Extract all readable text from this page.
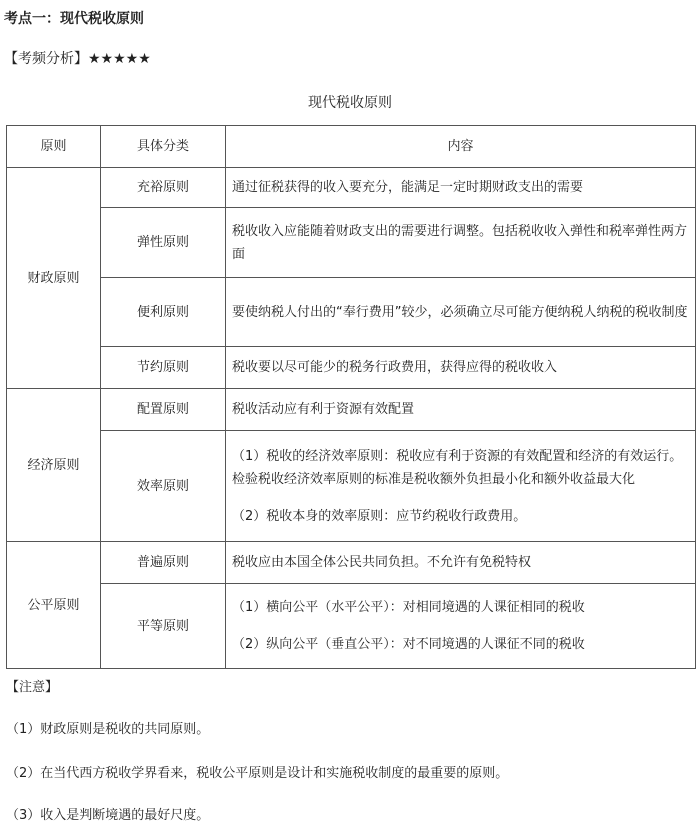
考点一：现代税收原则
【考频分析】★★★★★
现代税收原则
原则	具体分类	内容
财政原则	充裕原则	通过征税获得的收入要充分，能满足一定时期财政支出的需要
	弹性原则	税收收入应能随着财政支出的需要进行调整。包括税收收入弹性和税率弹性两方面
	便利原则	要使纳税人付出的“奉行费用”较少，必须确立尽可能方便纳税人纳税的税收制度
	节约原则	税收要以尽可能少的税务行政费用，获得应得的税收收入
经济原则	配置原则	税收活动应有利于资源有效配置
	效率原则	（1）税收的经济效率原则：税收应有利于资源的有效配置和经济的有效运行。检验税收经济效率原则的标准是税收额外负担最小化和额外收益最大化
（2）税收本身的效率原则：应节约税收行政费用。

公平原则	普遍原则	税收应由本国全体公民共同负担。不允许有免税特权
	平等原则	（1）横向公平（水平公平）：对相同境遇的人课征相同的税收
（2）纵向公平（垂直公平）：对不同境遇的人课征不同的税收
【注意】
（1）财政原则是税收的共同原则。
（2）在当代西方税收学界看来，税收公平原则是设计和实施税收制度的最重要的原则。
（3）收入是判断境遇的最好尺度。
